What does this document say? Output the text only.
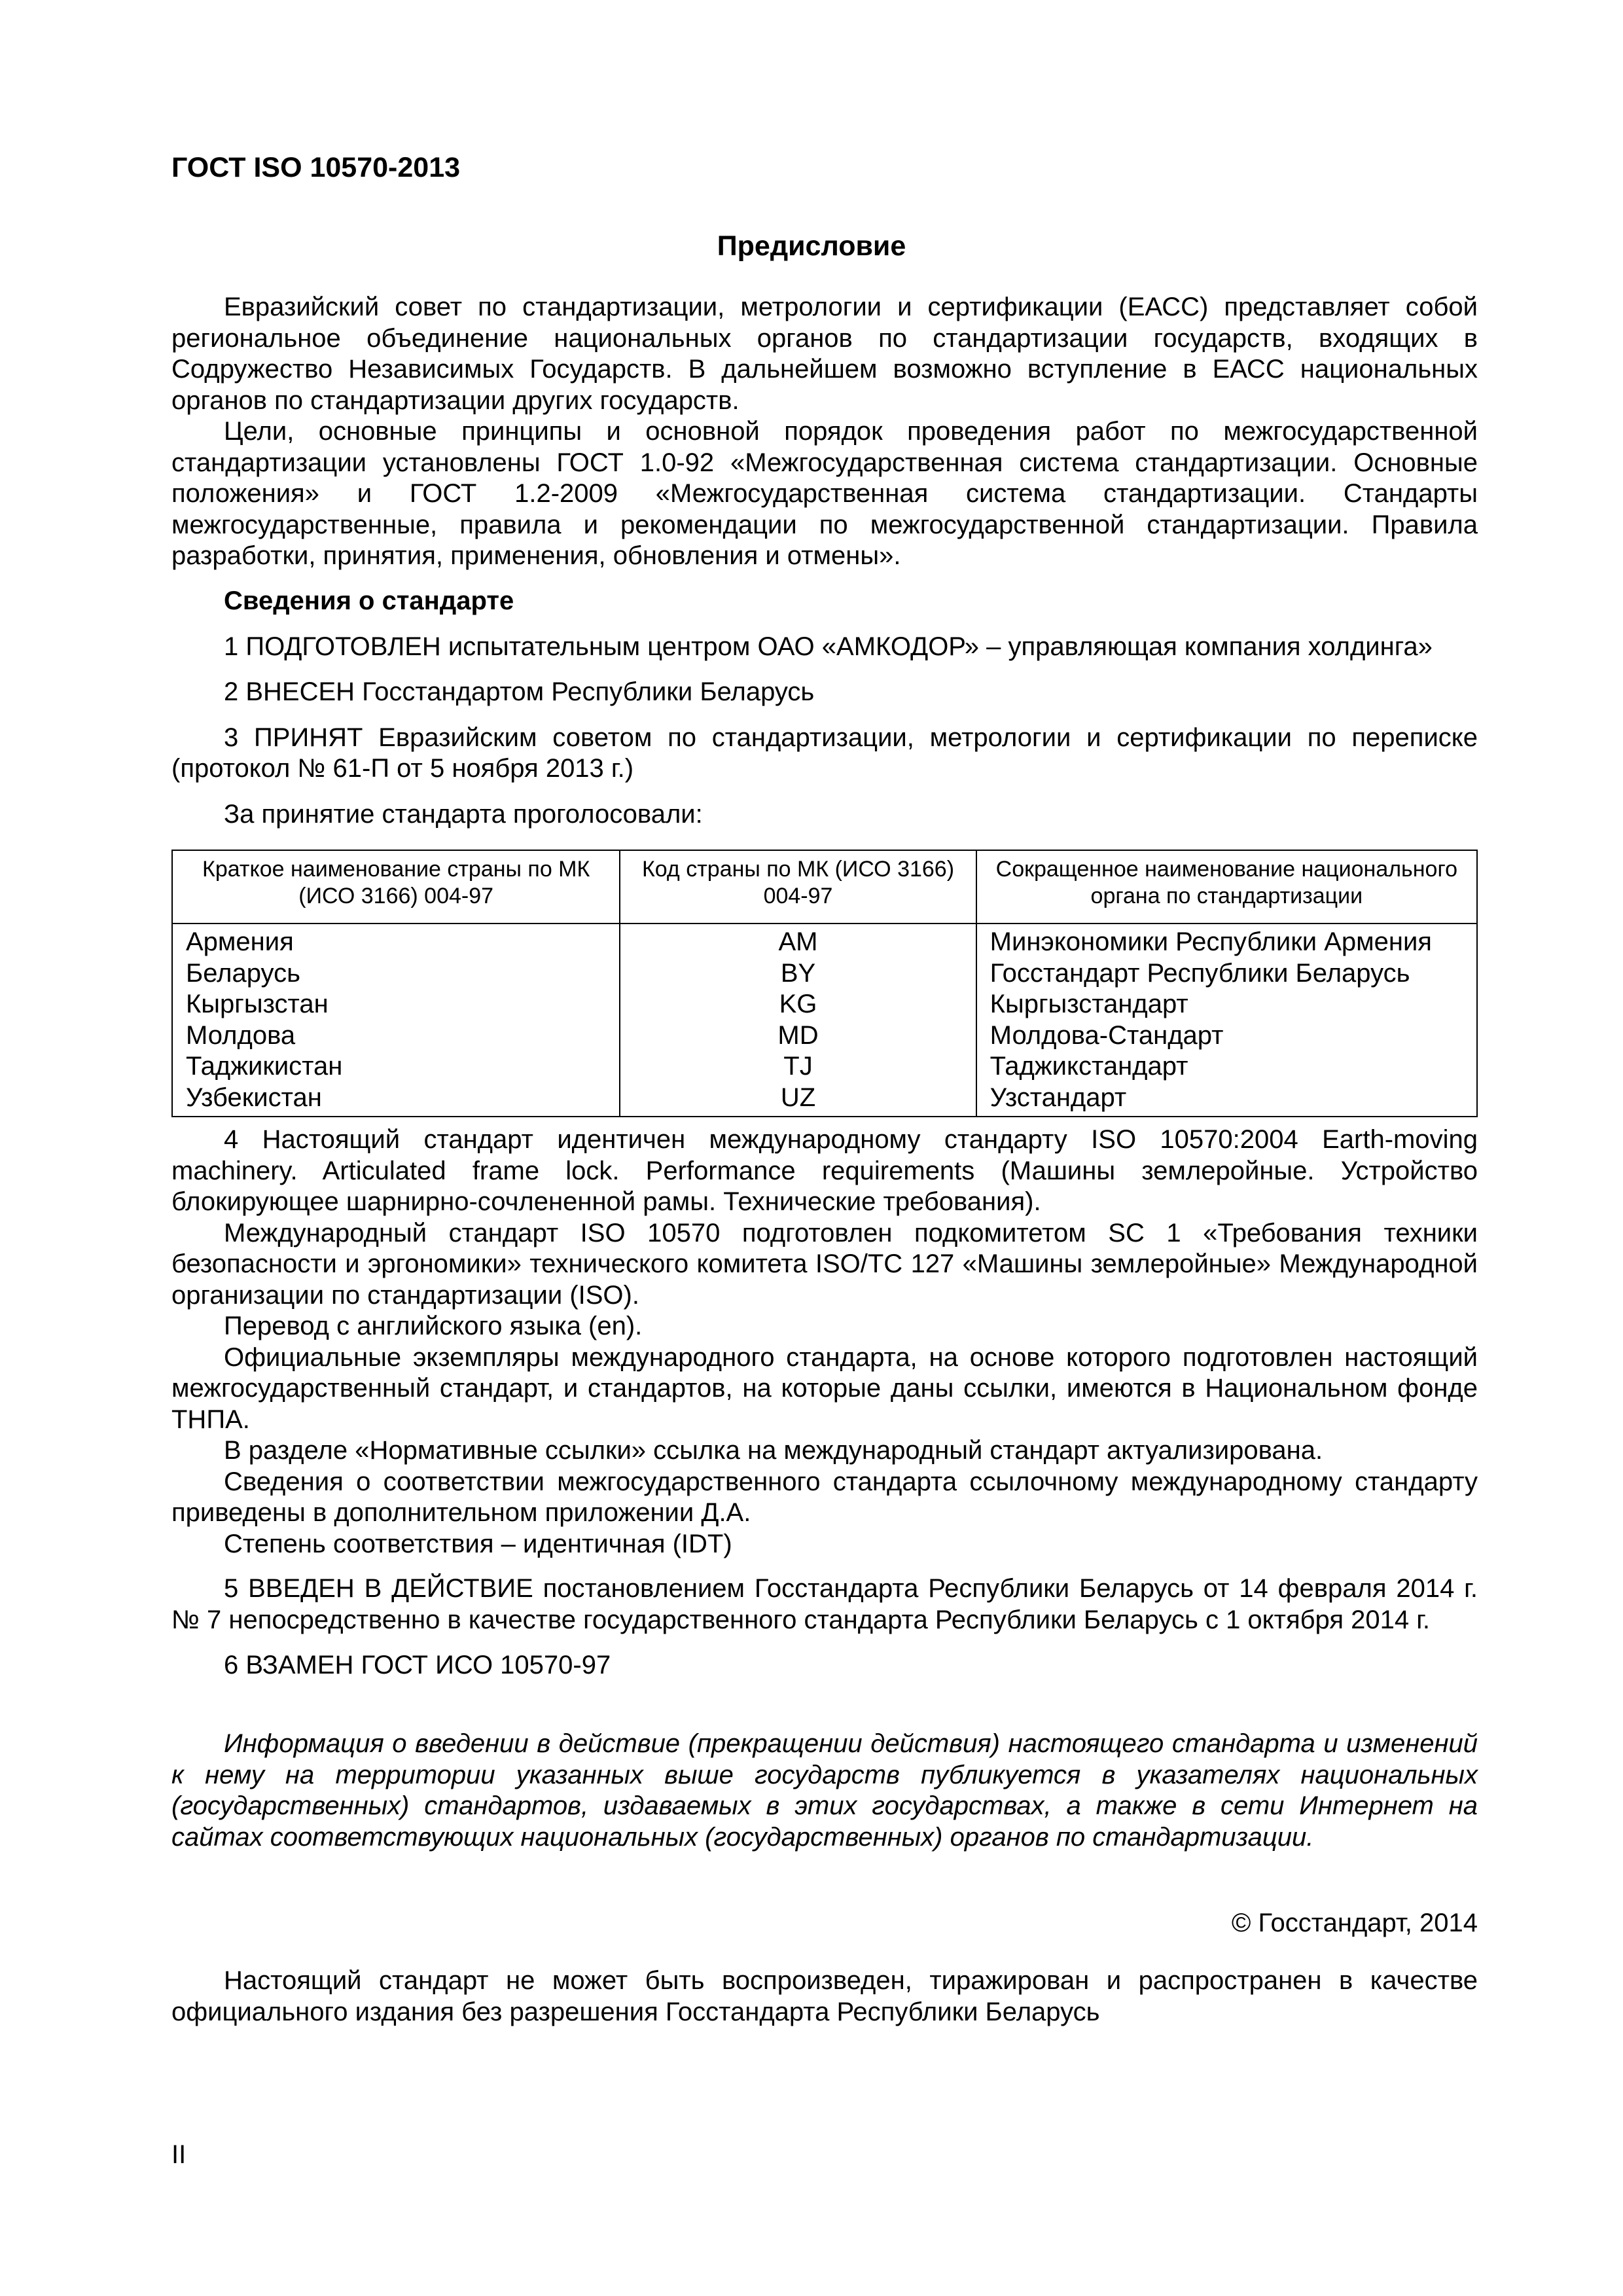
ГОСТ ISO 10570-2013
Предисловие

Евразийский совет по стандартизации, метрологии и сертификации (ЕАСС) представляет собой региональное объединение национальных органов по стандартизации государств, входящих в Содружество Независимых Государств. В дальнейшем возможно вступление в ЕАСС национальных органов по стандартизации других государств.

Цели, основные принципы и основной порядок проведения работ по межгосударственной стандартизации установлены ГОСТ 1.0-92 «Межгосударственная система стандартизации. Основные положения» и ГОСТ 1.2-2009 «Межгосударственная система стандартизации. Стандарты межгосударственные, правила и рекомендации по межгосударственной стандартизации. Правила разработки, принятия, применения, обновления и отмены».

Сведения о стандарте

1 ПОДГОТОВЛЕН испытательным центром ОАО «АМКОДОР» – управляющая компания холдинга»

2 ВНЕСЕН Госстандартом Республики Беларусь

3 ПРИНЯТ Евразийским советом по стандартизации, метрологии и сертификации по переписке (протокол № 61-П от 5 ноября 2013 г.)

За принятие стандарта проголосовали:

Краткое наименование страны по МК (ИСО 3166) 004-97	Код страны по МК (ИСО 3166) 004-97	Сокращенное наименование национального органа по стандартизации
Армения	AM	Минэкономики Республики Армения
Беларусь	BY	Госстандарт Республики Беларусь
Кыргызстан	KG	Кыргызстандарт
Молдова	MD	Молдова-Стандарт
Таджикистан	TJ	Таджикстандарт
Узбекистан	UZ	Узстандарт

4 Настоящий стандарт идентичен международному стандарту ISO 10570:2004 Earth-moving machinery. Articulated frame lock. Performance requirements (Машины землеройные. Устройство блокирующее шарнирно-сочлененной рамы. Технические требования).

Международный стандарт ISO 10570 подготовлен подкомитетом SC 1 «Требования техники безопасности и эргономики» технического комитета ISO/TC 127 «Машины землеройные» Международной организации по стандартизации (ISO).

Перевод с английского языка (en).

Официальные экземпляры международного стандарта, на основе которого подготовлен настоящий межгосударственный стандарт, и стандартов, на которые даны ссылки, имеются в Национальном фонде ТНПА.

В разделе «Нормативные ссылки» ссылка на международный стандарт актуализирована.

Сведения о соответствии межгосударственного стандарта ссылочному международному стандарту приведены в дополнительном приложении Д.А.

Степень соответствия – идентичная (IDT)

5 ВВЕДЕН В ДЕЙСТВИЕ постановлением Госстандарта Республики Беларусь от 14 февраля 2014 г. № 7 непосредственно в качестве государственного стандарта Республики Беларусь с 1 октября 2014 г.

6 ВЗАМЕН ГОСТ ИСО 10570-97

Информация о введении в действие (прекращении действия) настоящего стандарта и изменений к нему на территории указанных выше государств публикуется в указателях национальных (государственных) стандартов, издаваемых в этих государствах, а также в сети Интернет на сайтах соответствующих национальных (государственных) органов по стандартизации.

© Госстандарт, 2014

Настоящий стандарт не может быть воспроизведен, тиражирован и распространен в качестве официального издания без разрешения Госстандарта Республики Беларусь

II
